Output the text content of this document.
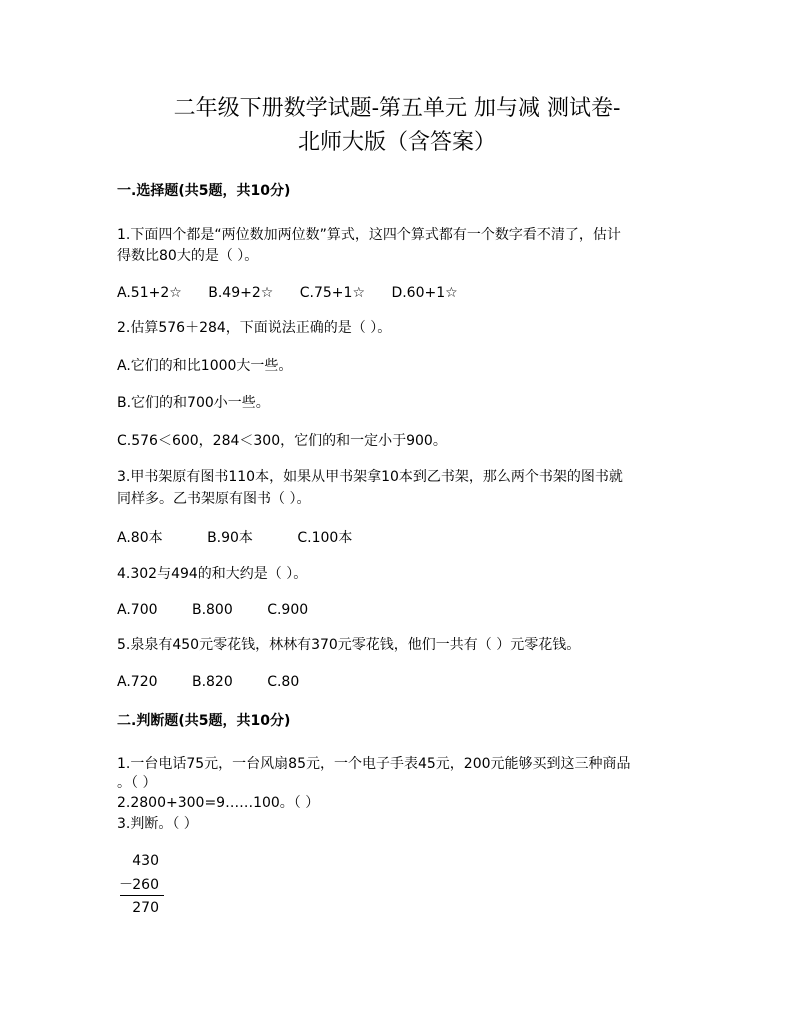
二年级下册数学试题-第五单元 加与减 测试卷-
北师大版（含答案）
一.选择题(共5题，共10分)
1.下面四个都是“两位数加两位数”算式，这四个算式都有一个数字看不清了，估计
得数比80大的是（ ）。
A.51+2☆ B.49+2☆ C.75+1☆ D.60+1☆
2.估算576＋284，下面说法正确的是（ ）。
A.它们的和比1000大一些。
B.它们的和700小一些。
C.576＜600，284＜300，它们的和一定小于900。
3.甲书架原有图书110本，如果从甲书架拿10本到乙书架，那么两个书架的图书就
同样多。乙书架原有图书（ ）。
A.80本	B.90本	C.100本
4.302与494的和大约是（ ）。
A.700 B.800 C.900
5.泉泉有450元零花钱，林林有370元零花钱，他们一共有（ ）元零花钱。
A.720 B.820 C.80
二.判断题(共5题，共10分)
1.一台电话75元，一台风扇85元，一个电子手表45元，200元能够买到这三种商品
。（ ）
2.2800+300=9……100。（ ）
3.判断。（ ）
430
－ 260
270
